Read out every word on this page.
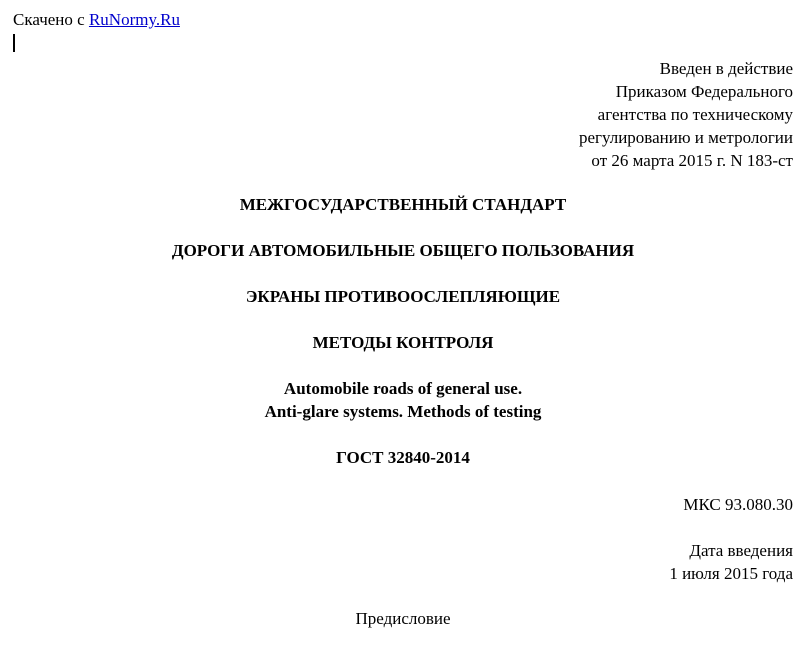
Скачено с RuNormy.Ru
Введен в действие
Приказом Федерального
агентства по техническому
регулированию и метрологии
от 26 марта 2015 г. N 183-ст
МЕЖГОСУДАРСТВЕННЫЙ СТАНДАРТ
ДОРОГИ АВТОМОБИЛЬНЫЕ ОБЩЕГО ПОЛЬЗОВАНИЯ
ЭКРАНЫ ПРОТИВООСЛЕПЛЯЮЩИЕ
МЕТОДЫ КОНТРОЛЯ
Automobile roads of general use.
Anti-glare systems. Methods of testing
ГОСТ 32840-2014
МКС 93.080.30
Дата введения
1 июля 2015 года
Предисловие
